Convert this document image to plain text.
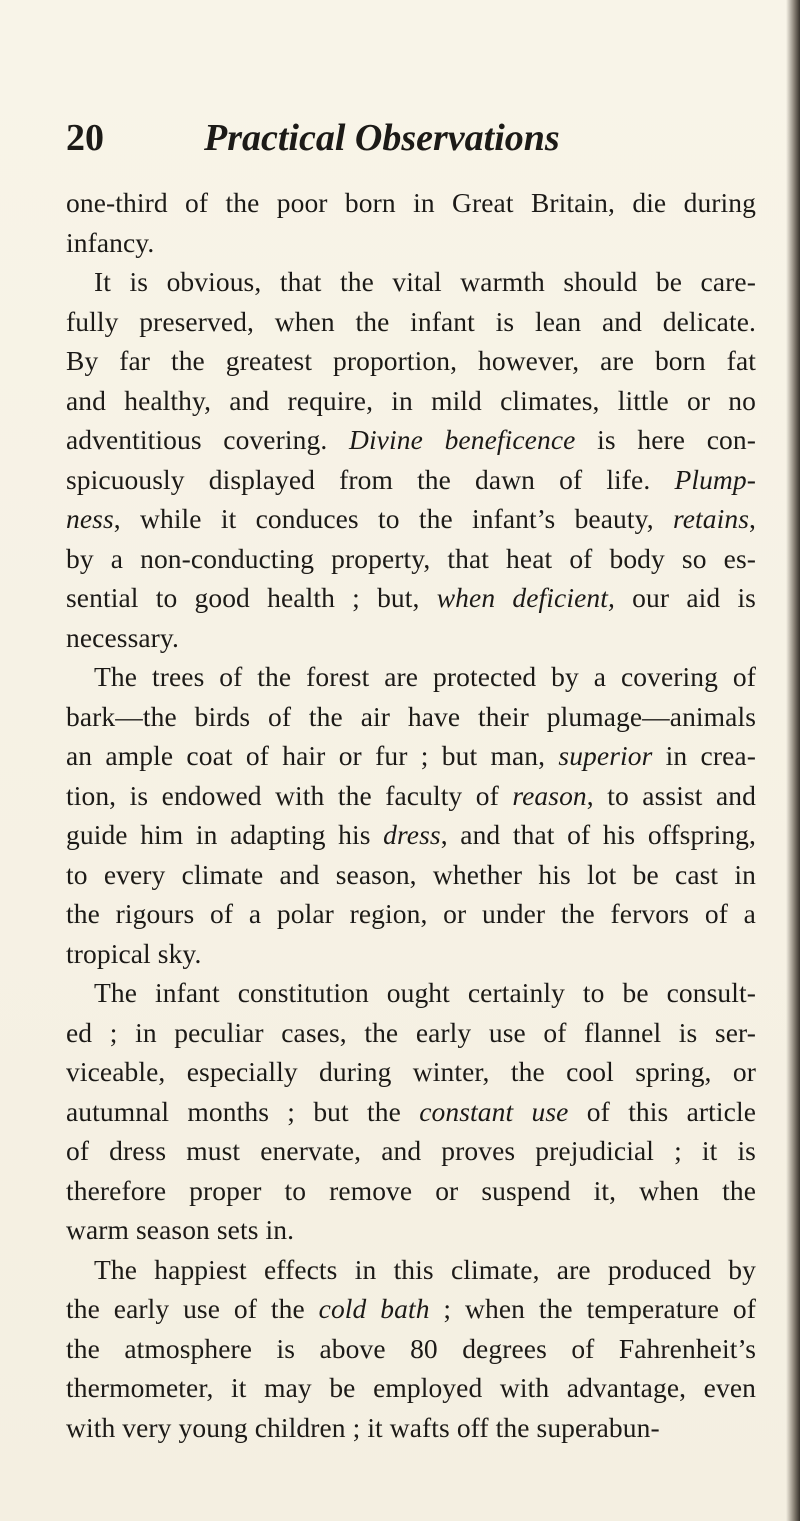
20	Practical Observations
one-third of the poor born in Great Britain, die during
infancy.
It is obvious, that the vital warmth should be care-
fully preserved, when the infant is lean and delicate.
By far the greatest proportion, however, are born fat
and healthy, and require, in mild climates, little or no
adventitious covering. Divine beneficence is here con-
spicuously displayed from the dawn of life. Plump-
ness, while it conduces to the infant’s beauty, retains,
by a non-conducting property, that heat of body so es-
sential to good health ; but, when deficient, our aid is
necessary.
The trees of the forest are protected by a covering of
bark—the birds of the air have their plumage—animals
an ample coat of hair or fur ; but man, superior in crea-
tion, is endowed with the faculty of reason, to assist and
guide him in adapting his dress, and that of his offspring,
to every climate and season, whether his lot be cast in
the rigours of a polar region, or under the fervors of a
tropical sky.
The infant constitution ought certainly to be consult-
ed ; in peculiar cases, the early use of flannel is ser-
viceable, especially during winter, the cool spring, or
autumnal months ; but the constant use of this article
of dress must enervate, and proves prejudicial ; it is
therefore proper to remove or suspend it, when the
warm season sets in.
The happiest effects in this climate, are produced by
the early use of the cold bath ; when the temperature of
the atmosphere is above 80 degrees of Fahrenheit’s
thermometer, it may be employed with advantage, even
with very young children ; it wafts off the superabun-
